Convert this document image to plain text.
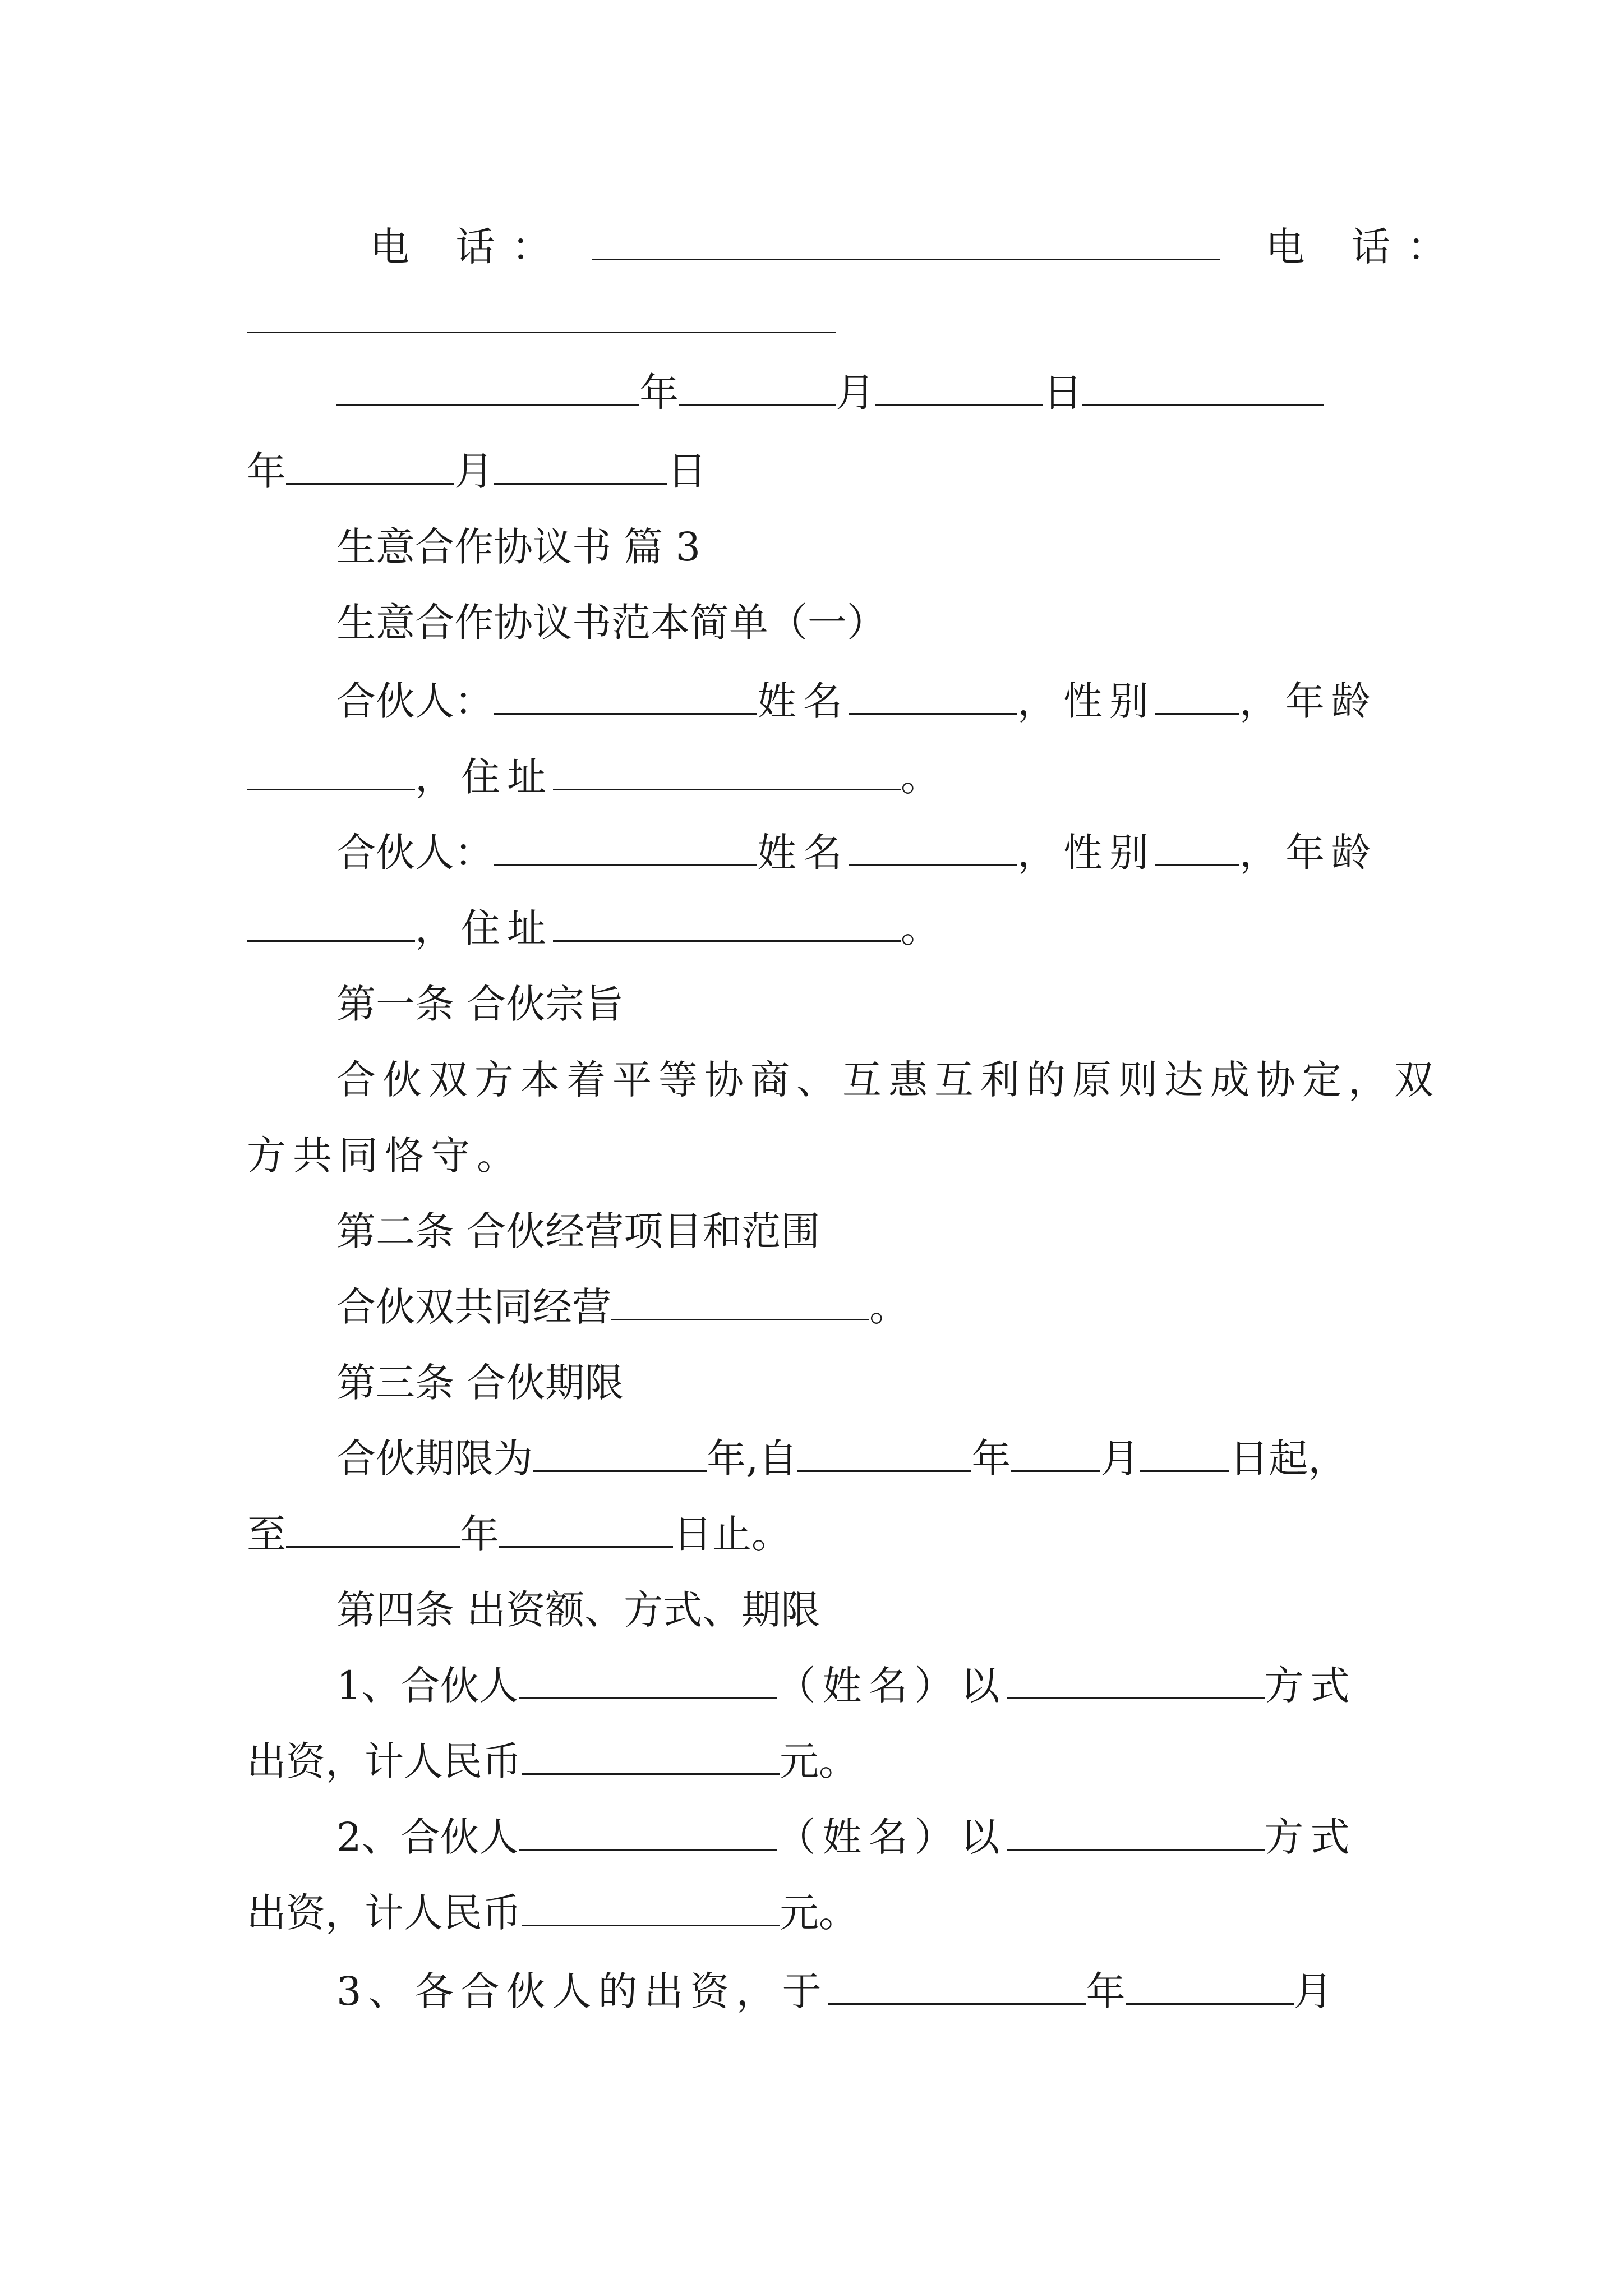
电 话：	电 话：
年	月	日
年	月	日
生意合作协议书 篇 3
生意合作协议书范本简单（一）
合伙人：	姓名	，性别 ，年龄
，住址	。
合伙人：	姓名	，性别 ，年龄
，住址	。
第一条 合伙宗旨
合伙双方本着平等协商、互惠互利的原则达成协定，双
方共同恪守。
第二条 合伙经营项目和范围
合伙双共同经营	。
第三条 合伙期限
合伙期限为	年,自	年 月 日起，
至	年	日止。
第四条 出资额、方式、期限
1、合伙人	（姓名）以	方式
出资，计人民币	元。
2、合伙人	（姓名）以	方式
出资，计人民币	元。
3、各合伙人的出资，于	年	月
